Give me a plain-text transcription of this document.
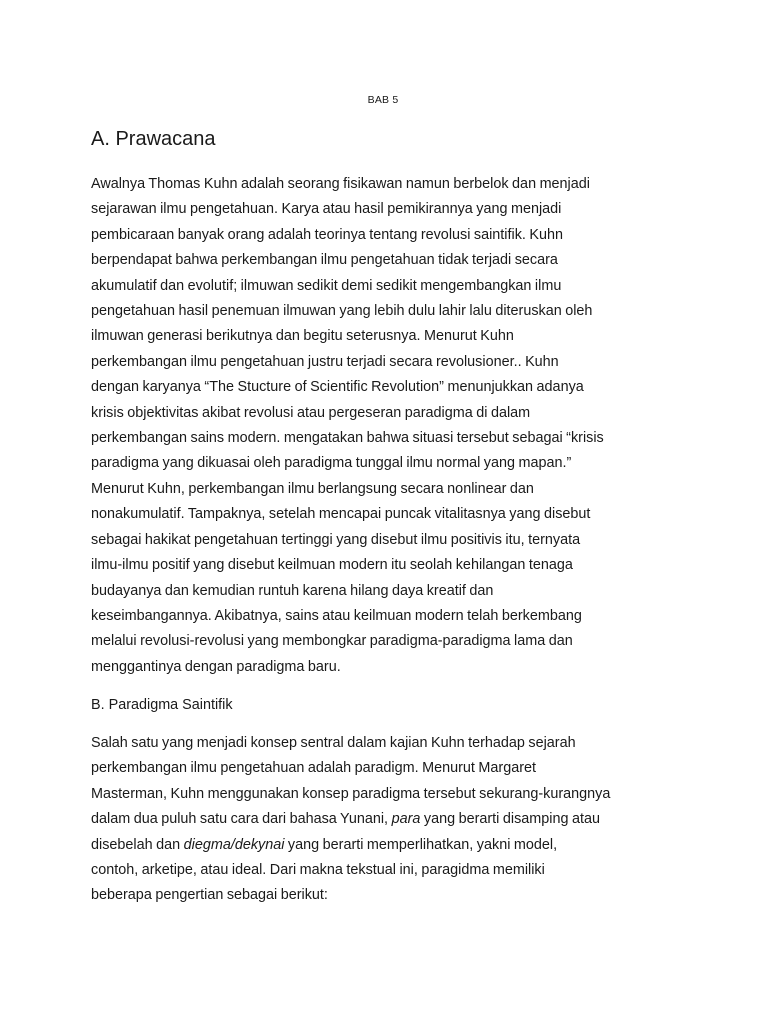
BAB 5
A. Prawacana

Awalnya Thomas Kuhn adalah seorang fisikawan namun berbelok dan menjadi
sejarawan ilmu pengetahuan. Karya atau hasil pemikirannya yang menjadi
pembicaraan banyak orang adalah teorinya tentang revolusi saintifik. Kuhn
berpendapat bahwa perkembangan ilmu pengetahuan tidak terjadi secara
akumulatif dan evolutif; ilmuwan sedikit demi sedikit mengembangkan ilmu
pengetahuan hasil penemuan ilmuwan yang lebih dulu lahir lalu diteruskan oleh
ilmuwan generasi berikutnya dan begitu seterusnya. Menurut Kuhn
perkembangan ilmu pengetahuan justru terjadi secara revolusioner.. Kuhn
dengan karyanya “The Stucture of Scientific Revolution” menunjukkan adanya
krisis objektivitas akibat revolusi atau pergeseran paradigma di dalam
perkembangan sains modern. mengatakan bahwa situasi tersebut sebagai “krisis
paradigma yang dikuasai oleh paradigma tunggal ilmu normal yang mapan.”
Menurut Kuhn, perkembangan ilmu berlangsung secara nonlinear dan
nonakumulatif. Tampaknya, setelah mencapai puncak vitalitasnya yang disebut
sebagai hakikat pengetahuan tertinggi yang disebut ilmu positivis itu, ternyata
ilmu-ilmu positif yang disebut keilmuan modern itu seolah kehilangan tenaga
budayanya dan kemudian runtuh karena hilang daya kreatif dan
keseimbangannya. Akibatnya, sains atau keilmuan modern telah berkembang
melalui revolusi-revolusi yang membongkar paradigma-paradigma lama dan
menggantinya dengan paradigma baru.

B. Paradigma Saintifik

Salah satu yang menjadi konsep sentral dalam kajian Kuhn terhadap sejarah
perkembangan ilmu pengetahuan adalah paradigm. Menurut Margaret
Masterman, Kuhn menggunakan konsep paradigma tersebut sekurang-kurangnya
dalam dua puluh satu cara dari bahasa Yunani, para yang berarti disamping atau
disebelah dan diegma/dekynai yang berarti memperlihatkan, yakni model,
contoh, arketipe, atau ideal. Dari makna tekstual ini, paragidma memiliki
beberapa pengertian sebagai berikut:
